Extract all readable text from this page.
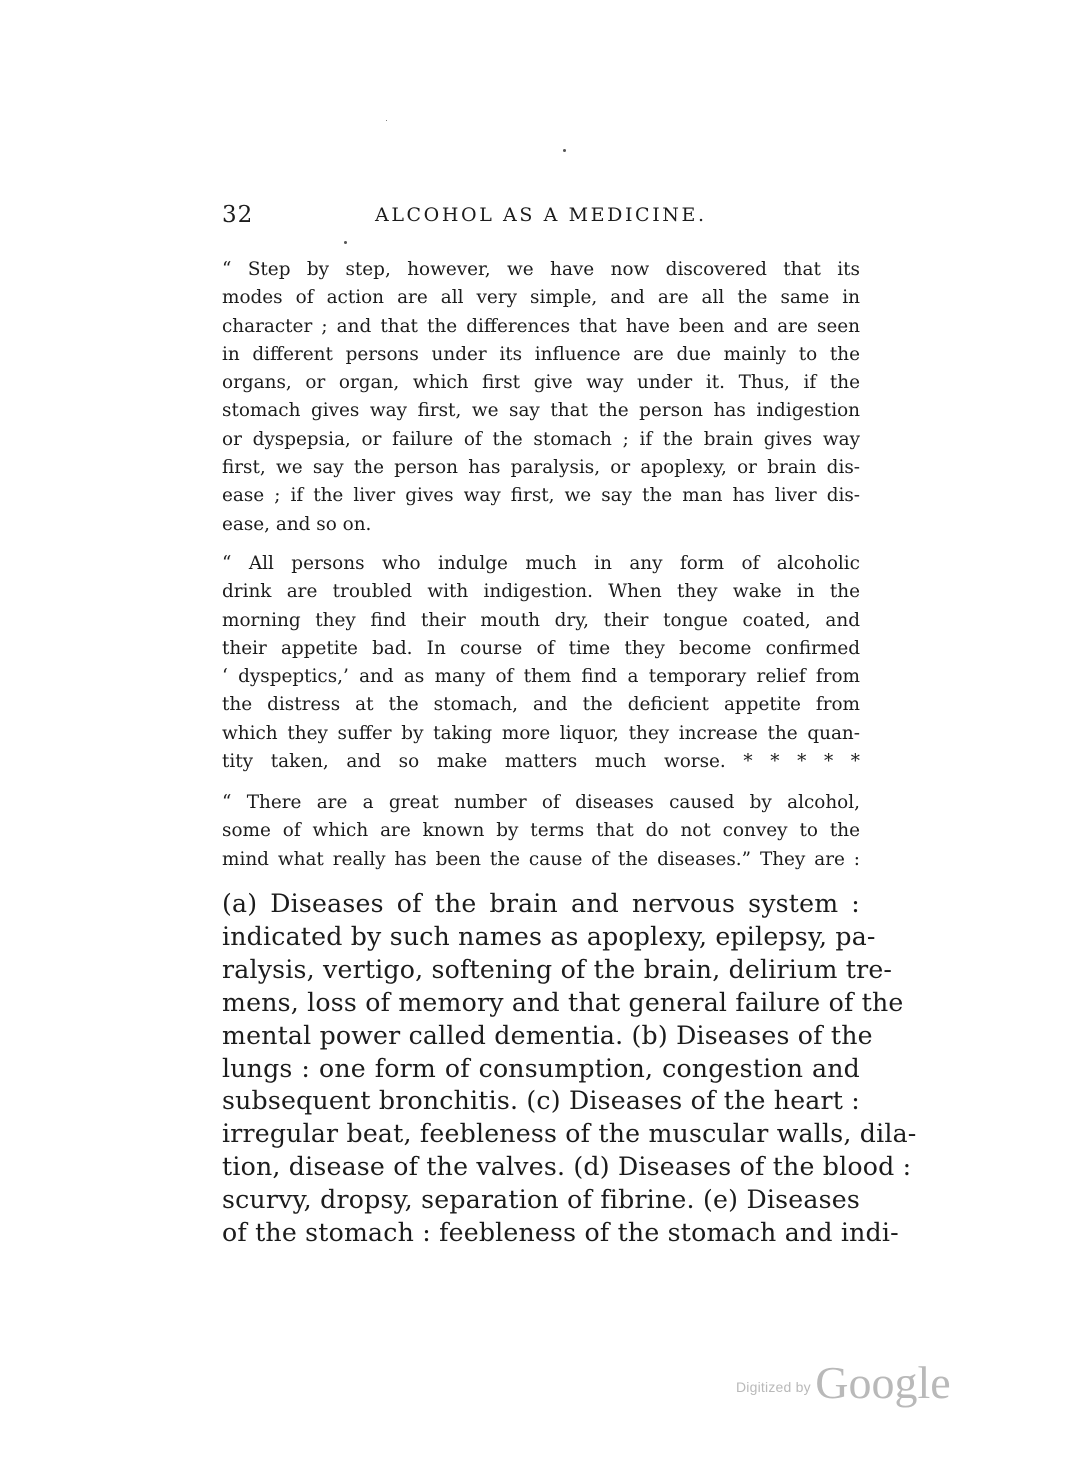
32	ALCOHOL AS A MEDICINE.
“ Step by step, however, we have now discovered that its
modes of action are all very simple, and are all the same in
character ; and that the differences that have been and are seen
in different persons under its influence are due mainly to the
organs, or organ, which first give way under it. Thus, if the
stomach gives way first, we say that the person has indigestion
or dyspepsia, or failure of the stomach ; if the brain gives way
first, we say the person has paralysis, or apoplexy, or brain dis-
ease ; if the liver gives way first, we say the man has liver dis-
ease, and so on.
“ All persons who indulge much in any form of alcoholic
drink are troubled with indigestion. When they wake in the
morning they find their mouth dry, their tongue coated, and
their appetite bad. In course of time they become confirmed
‘ dyspeptics,’ and as many of them find a temporary relief from
the distress at the stomach, and the deficient appetite from
which they suffer by taking more liquor, they increase the quan-
tity taken, and so make matters much worse. * * * * *
“ There are a great number of diseases caused by alcohol,
some of which are known by terms that do not convey to the
mind what really has been the cause of the diseases.” They are :
(a) Diseases of the brain and nervous system :
indicated by such names as apoplexy, epilepsy, pa-
ralysis, vertigo, softening of the brain, delirium tre-
mens, loss of memory and that general failure of the
mental power called dementia. (b) Diseases of the
lungs : one form of consumption, congestion and
subsequent bronchitis. (c) Diseases of the heart :
irregular beat, feebleness of the muscular walls, dila-
tion, disease of the valves. (d) Diseases of the blood :
scurvy, dropsy, separation of fibrine. (e) Diseases
of the stomach : feebleness of the stomach and indi-
Digitized by Google
